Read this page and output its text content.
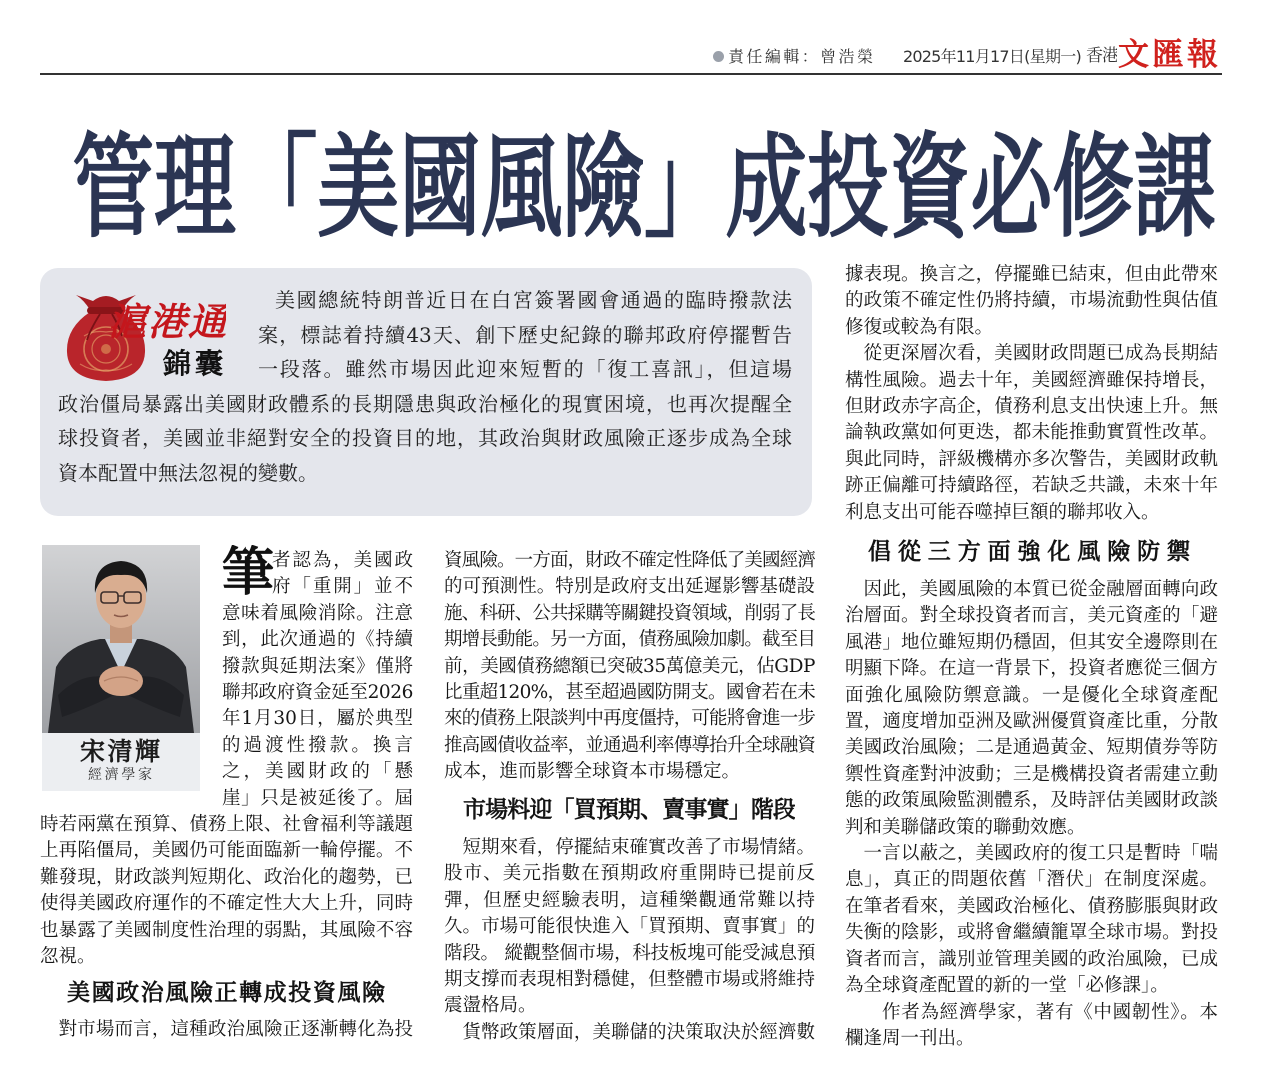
責任編輯：曾浩榮 2025年11月17日(星期一) 香港 文匯報
管理「美國風險」成投資必修課
滬港通
錦囊
美國總統特朗普近日在白宮簽署國會通過的臨時撥款法
案，標誌着持續43天、創下歷史紀錄的聯邦政府停擺暫告
一段落。雖然市場因此迎來短暫的「復工喜訊」，但這場
政治僵局暴露出美國財政體系的長期隱患與政治極化的現實困境，也再次提醒全
球投資者，美國並非絕對安全的投資目的地，其政治與財政風險正逐步成為全球
資本配置中無法忽視的變數。
宋清輝
經濟學家
筆
者認為，美國政
府「重開」並不
意味着風險消除。注意
到，此次通過的《持續
撥款與延期法案》僅將
聯邦政府資金延至2026
年1月30日，屬於典型
的過渡性撥款。換言
之，美國財政的「懸
崖」只是被延後了。屆
時若兩黨在預算、債務上限、社會福利等議題
上再陷僵局，美國仍可能面臨新一輪停擺。不
難發現，財政談判短期化、政治化的趨勢，已
使得美國政府運作的不確定性大大上升，同時
也暴露了美國制度性治理的弱點，其風險不容
忽視。
美國政治風險正轉成投資風險
對市場而言，這種政治風險正逐漸轉化為投
資風險。一方面，財政不確定性降低了美國經濟
的可預測性。特別是政府支出延遲影響基礎設
施、科研、公共採購等關鍵投資領域，削弱了長
期增長動能。另一方面，債務風險加劇。截至目
前，美國債務總額已突破35萬億美元，佔GDP
比重超120%，甚至超過國防開支。國會若在未
來的債務上限談判中再度僵持，可能將會進一步
推高國債收益率，並通過利率傳導抬升全球融資
成本，進而影響全球資本市場穩定。
市場料迎「買預期、賣事實」階段
短期來看，停擺結束確實改善了市場情緒。
股市、美元指數在預期政府重開時已提前反
彈，但歷史經驗表明，這種樂觀通常難以持
久。市場可能很快進入「買預期、賣事實」的
階段。 縱觀整個市場，科技板塊可能受減息預
期支撐而表現相對穩健，但整體市場或將維持
震盪格局。
貨幣政策層面，美聯儲的決策取決於經濟數
據表現。換言之，停擺雖已結束，但由此帶來
的政策不確定性仍將持續，市場流動性與估值
修復或較為有限。
從更深層次看，美國財政問題已成為長期結
構性風險。過去十年，美國經濟雖保持增長，
但財政赤字高企，債務利息支出快速上升。無
論執政黨如何更迭，都未能推動實質性改革。
與此同時，評級機構亦多次警告，美國財政軌
跡正偏離可持續路徑，若缺乏共識，未來十年
利息支出可能吞噬掉巨額的聯邦收入。
倡從三方面強化風險防禦
因此，美國風險的本質已從金融層面轉向政
治層面。對全球投資者而言，美元資產的「避
風港」地位雖短期仍穩固，但其安全邊際則在
明顯下降。在這一背景下，投資者應從三個方
面強化風險防禦意識。一是優化全球資產配
置，適度增加亞洲及歐洲優質資產比重，分散
美國政治風險；二是通過黃金、短期債券等防
禦性資產對沖波動；三是機構投資者需建立動
態的政策風險監測體系，及時評估美國財政談
判和美聯儲政策的聯動效應。
一言以蔽之，美國政府的復工只是暫時「喘
息」，真正的問題依舊「潛伏」在制度深處。
在筆者看來，美國政治極化、債務膨脹與財政
失衡的陰影，或將會繼續籠罩全球市場。對投
資者而言，識別並管理美國的政治風險，已成
為全球資產配置的新的一堂「必修課」。
作者為經濟學家，著有《中國韌性》。本
欄逢周一刊出。
